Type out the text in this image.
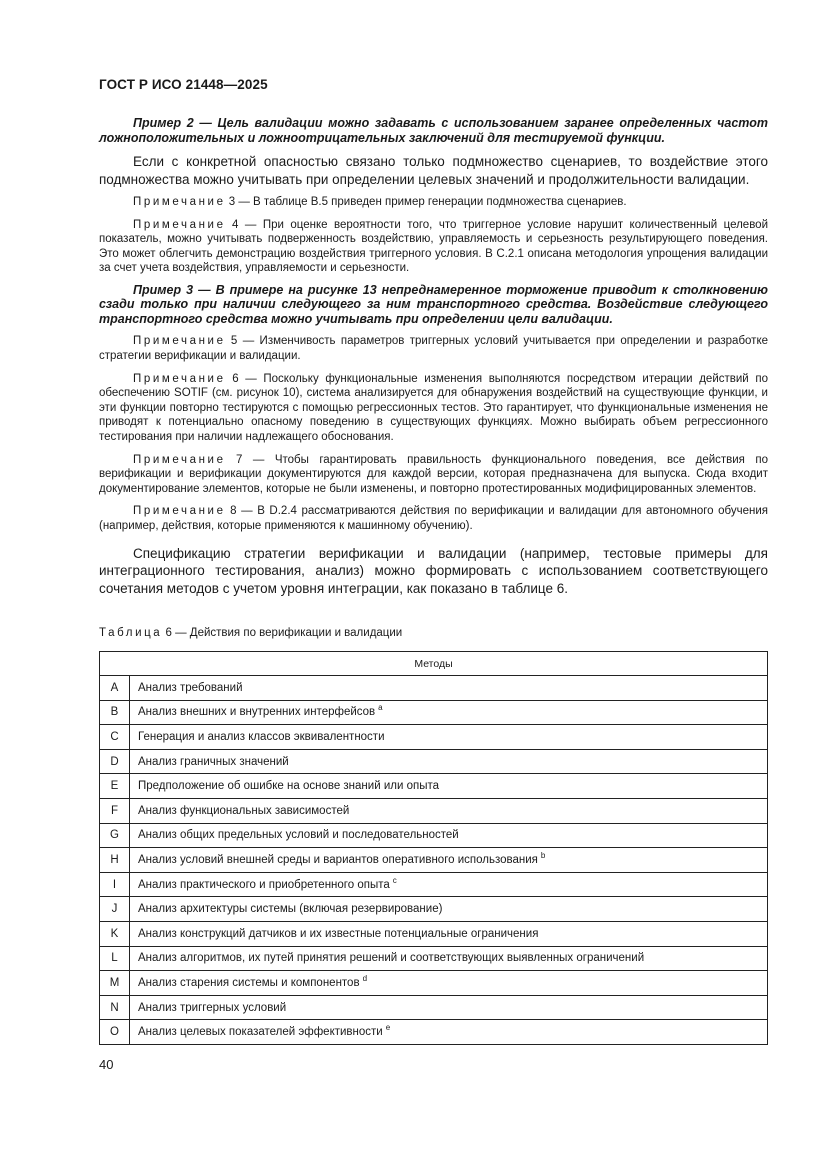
ГОСТ Р ИСО 21448—2025

Пример 2 — Цель валидации можно задавать с использованием заранее определенных частот ложноположительных и ложноотрицательных заключений для тестируемой функции.

Если с конкретной опасностью связано только подмножество сценариев, то воздействие этого подмножества можно учитывать при определении целевых значений и продолжительности валидации.

Примечание 3 — В таблице В.5 приведен пример генерации подмножества сценариев.

Примечание 4 — При оценке вероятности того, что триггерное условие нарушит количественный целевой показатель, можно учитывать подверженность воздействию, управляемость и серьезность результирующего поведения. Это может облегчить демонстрацию воздействия триггерного условия. В С.2.1 описана методология упрощения валидации за счет учета воздействия, управляемости и серьезности.

Пример 3 — В примере на рисунке 13 непреднамеренное торможение приводит к столкновению сзади только при наличии следующего за ним транспортного средства. Воздействие следующего транспортного средства можно учитывать при определении цели валидации.

Примечание 5 — Изменчивость параметров триггерных условий учитывается при определении и разработке стратегии верификации и валидации.

Примечание 6 — Поскольку функциональные изменения выполняются посредством итерации действий по обеспечению SOTIF (см. рисунок 10), система анализируется для обнаружения воздействий на существующие функции, и эти функции повторно тестируются с помощью регрессионных тестов. Это гарантирует, что функциональные изменения не приводят к потенциально опасному поведению в существующих функциях. Можно выбирать объем регрессионного тестирования при наличии надлежащего обоснования.

Примечание 7 — Чтобы гарантировать правильность функционального поведения, все действия по верификации и верификации документируются для каждой версии, которая предназначена для выпуска. Сюда входит документирование элементов, которые не были изменены, и повторно протестированных модифицированных элементов.

Примечание 8 — В D.2.4 рассматриваются действия по верификации и валидации для автономного обучения (например, действия, которые применяются к машинному обучению).

Спецификацию стратегии верификации и валидации (например, тестовые примеры для интеграционного тестирования, анализ) можно формировать с использованием соответствующего сочетания методов с учетом уровня интеграции, как показано в таблице 6.

Таблица 6 — Действия по верификации и валидации
Методы	
A	Анализ требований
B	Анализ внешних и внутренних интерфейсов $^a$
C	Генерация и анализ классов эквивалентности
D	Анализ граничных значений
E	Предположение об ошибке на основе знаний или опыта
F	Анализ функциональных зависимостей
G	Анализ общих предельных условий и последовательностей
H	Анализ условий внешней среды и вариантов оперативного использования $^b$
I	Анализ практического и приобретенного опыта $^c$
J	Анализ архитектуры системы (включая резервирование)
K	Анализ конструкций датчиков и их известные потенциальные ограничения
L	Анализ алгоритмов, их путей принятия решений и соответствующих выявленных ограничений
M	Анализ старения системы и компонентов $^d$
N	Анализ триггерных условий
O	Анализ целевых показателей эффективности $^e$
40
